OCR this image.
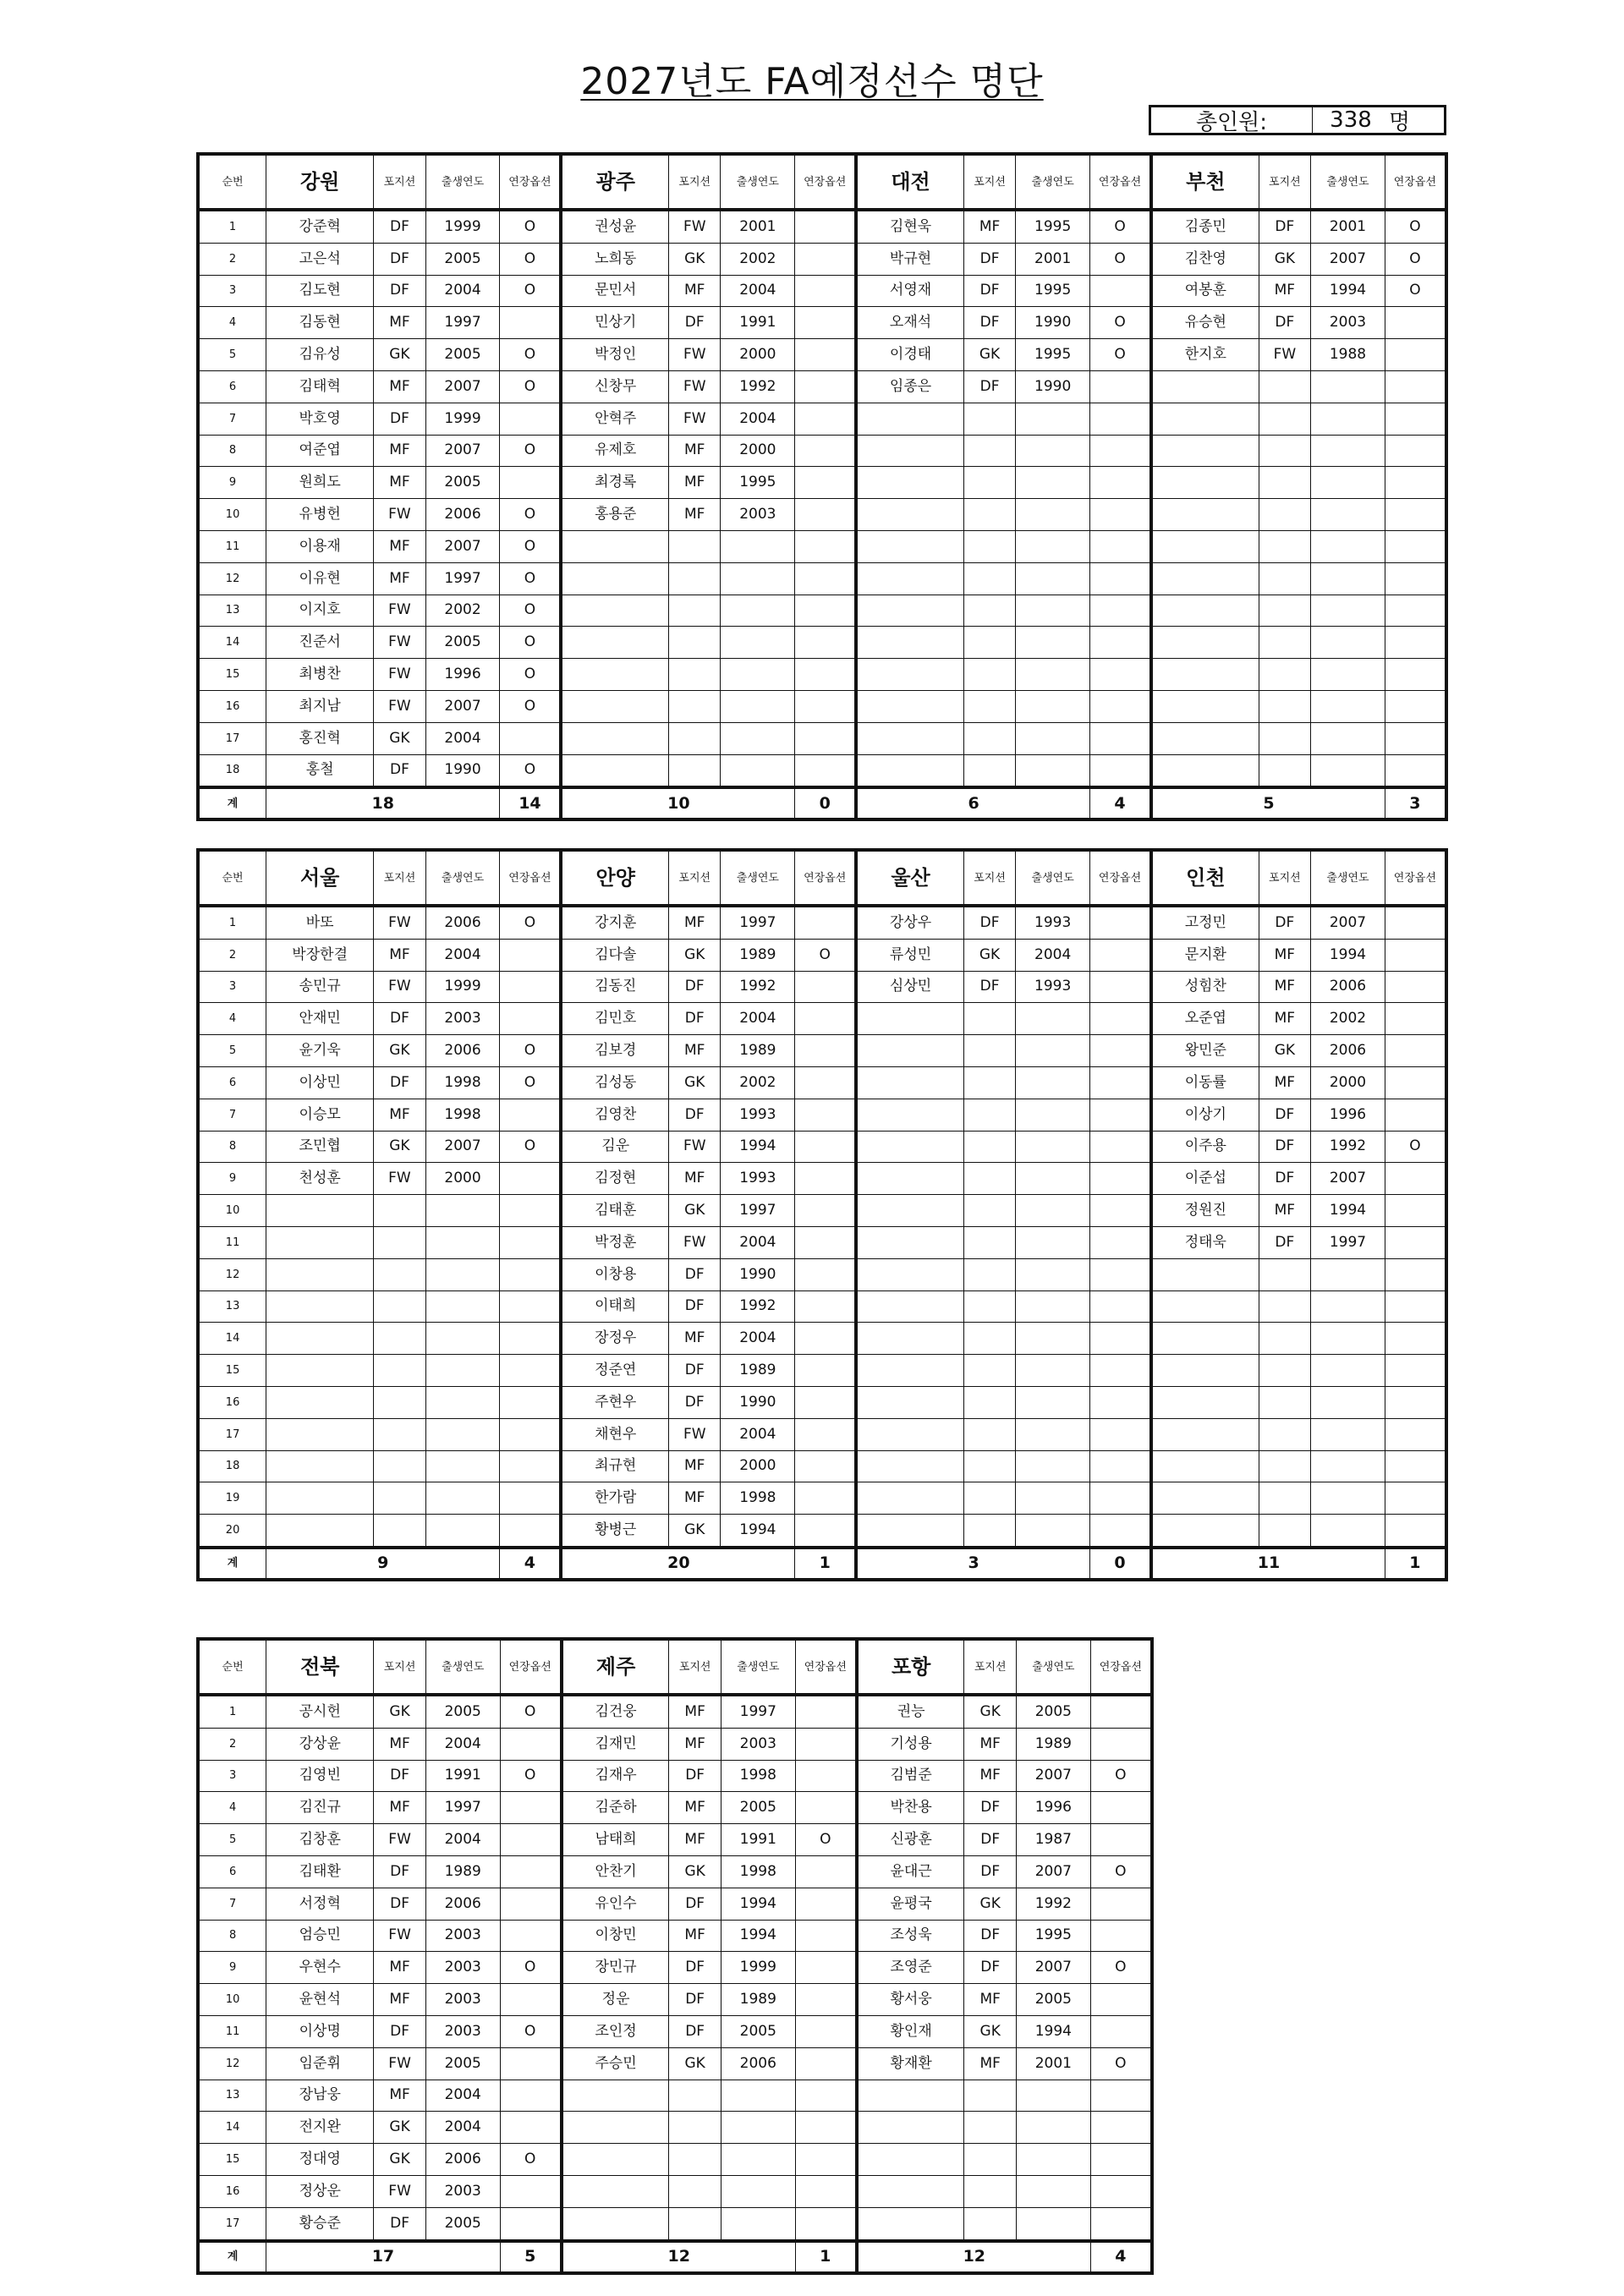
2027년도 FA예정선수 명단
총인원:	338 명
순번	강원	포지션	출생연도	연장옵션	광주	포지션	출생연도	연장옵션	대전	포지션	출생연도	연장옵션	부천	포지션	출생연도	연장옵션
1	강준혁	DF	1999	O	권성윤	FW	2001		김현욱	MF	1995	O	김종민	DF	2001	O
2	고은석	DF	2005	O	노희동	GK	2002		박규현	DF	2001	O	김찬영	GK	2007	O
3	김도현	DF	2004	O	문민서	MF	2004		서영재	DF	1995		여봉훈	MF	1994	O
4	김동현	MF	1997		민상기	DF	1991		오재석	DF	1990	O	유승현	DF	2003	
5	김유성	GK	2005	O	박정인	FW	2000		이경태	GK	1995	O	한지호	FW	1988	
6	김태혁	MF	2007	O	신창무	FW	1992		임종은	DF	1990					
7	박호영	DF	1999		안혁주	FW	2004									
8	여준엽	MF	2007	O	유제호	MF	2000									
9	원희도	MF	2005		최경록	MF	1995									
10	유병헌	FW	2006	O	홍용준	MF	2003									
11	이용재	MF	2007	O												
12	이유현	MF	1997	O												
13	이지호	FW	2002	O												
14	진준서	FW	2005	O												
15	최병찬	FW	1996	O												
16	최지남	FW	2007	O												
17	홍진혁	GK	2004													
18	홍철	DF	1990	O												
계	18			14	10			0	6			4	5			3
순번	서울	포지션	출생연도	연장옵션	안양	포지션	출생연도	연장옵션	울산	포지션	출생연도	연장옵션	인천	포지션	출생연도	연장옵션
1	바또	FW	2006	O	강지훈	MF	1997		강상우	DF	1993		고정민	DF	2007	
2	박장한결	MF	2004		김다솔	GK	1989	O	류성민	GK	2004		문지환	MF	1994	
3	송민규	FW	1999		김동진	DF	1992		심상민	DF	1993		성힘찬	MF	2006	
4	안재민	DF	2003		김민호	DF	2004						오준엽	MF	2002	
5	윤기욱	GK	2006	O	김보경	MF	1989						왕민준	GK	2006	
6	이상민	DF	1998	O	김성동	GK	2002						이동률	MF	2000	
7	이승모	MF	1998		김영찬	DF	1993						이상기	DF	1996	
8	조민협	GK	2007	O	김운	FW	1994						이주용	DF	1992	O
9	천성훈	FW	2000		김정현	MF	1993						이준섭	DF	2007	
10					김태훈	GK	1997						정원진	MF	1994	
11					박정훈	FW	2004						정태욱	DF	1997	
12					이창용	DF	1990									
13					이태희	DF	1992									
14					장정우	MF	2004									
15					정준연	DF	1989									
16					주현우	DF	1990									
17					채현우	FW	2004									
18					최규현	MF	2000									
19					한가람	MF	1998									
20					황병근	GK	1994									
계	9			4	20			1	3			0	11			1
순번	전북	포지션	출생연도	연장옵션	제주	포지션	출생연도	연장옵션	포항	포지션	출생연도	연장옵션
1	공시헌	GK	2005	O	김건웅	MF	1997		권능	GK	2005	
2	강상윤	MF	2004		김재민	MF	2003		기성용	MF	1989	
3	김영빈	DF	1991	O	김재우	DF	1998		김범준	MF	2007	O
4	김진규	MF	1997		김준하	MF	2005		박찬용	DF	1996	
5	김창훈	FW	2004		남태희	MF	1991	O	신광훈	DF	1987	
6	김태환	DF	1989		안찬기	GK	1998		윤대근	DF	2007	O
7	서정혁	DF	2006		유인수	DF	1994		윤평국	GK	1992	
8	엄승민	FW	2003		이창민	MF	1994		조성욱	DF	1995	
9	우현수	MF	2003	O	장민규	DF	1999		조영준	DF	2007	O
10	윤현석	MF	2003		정운	DF	1989		황서웅	MF	2005	
11	이상명	DF	2003	O	조인정	DF	2005		황인재	GK	1994	
12	임준휘	FW	2005		주승민	GK	2006		황재환	MF	2001	O
13	장남웅	MF	2004									
14	전지완	GK	2004									
15	정대영	GK	2006	O								
16	정상운	FW	2003									
17	황승준	DF	2005									
계	17			5	12			1	12			4
